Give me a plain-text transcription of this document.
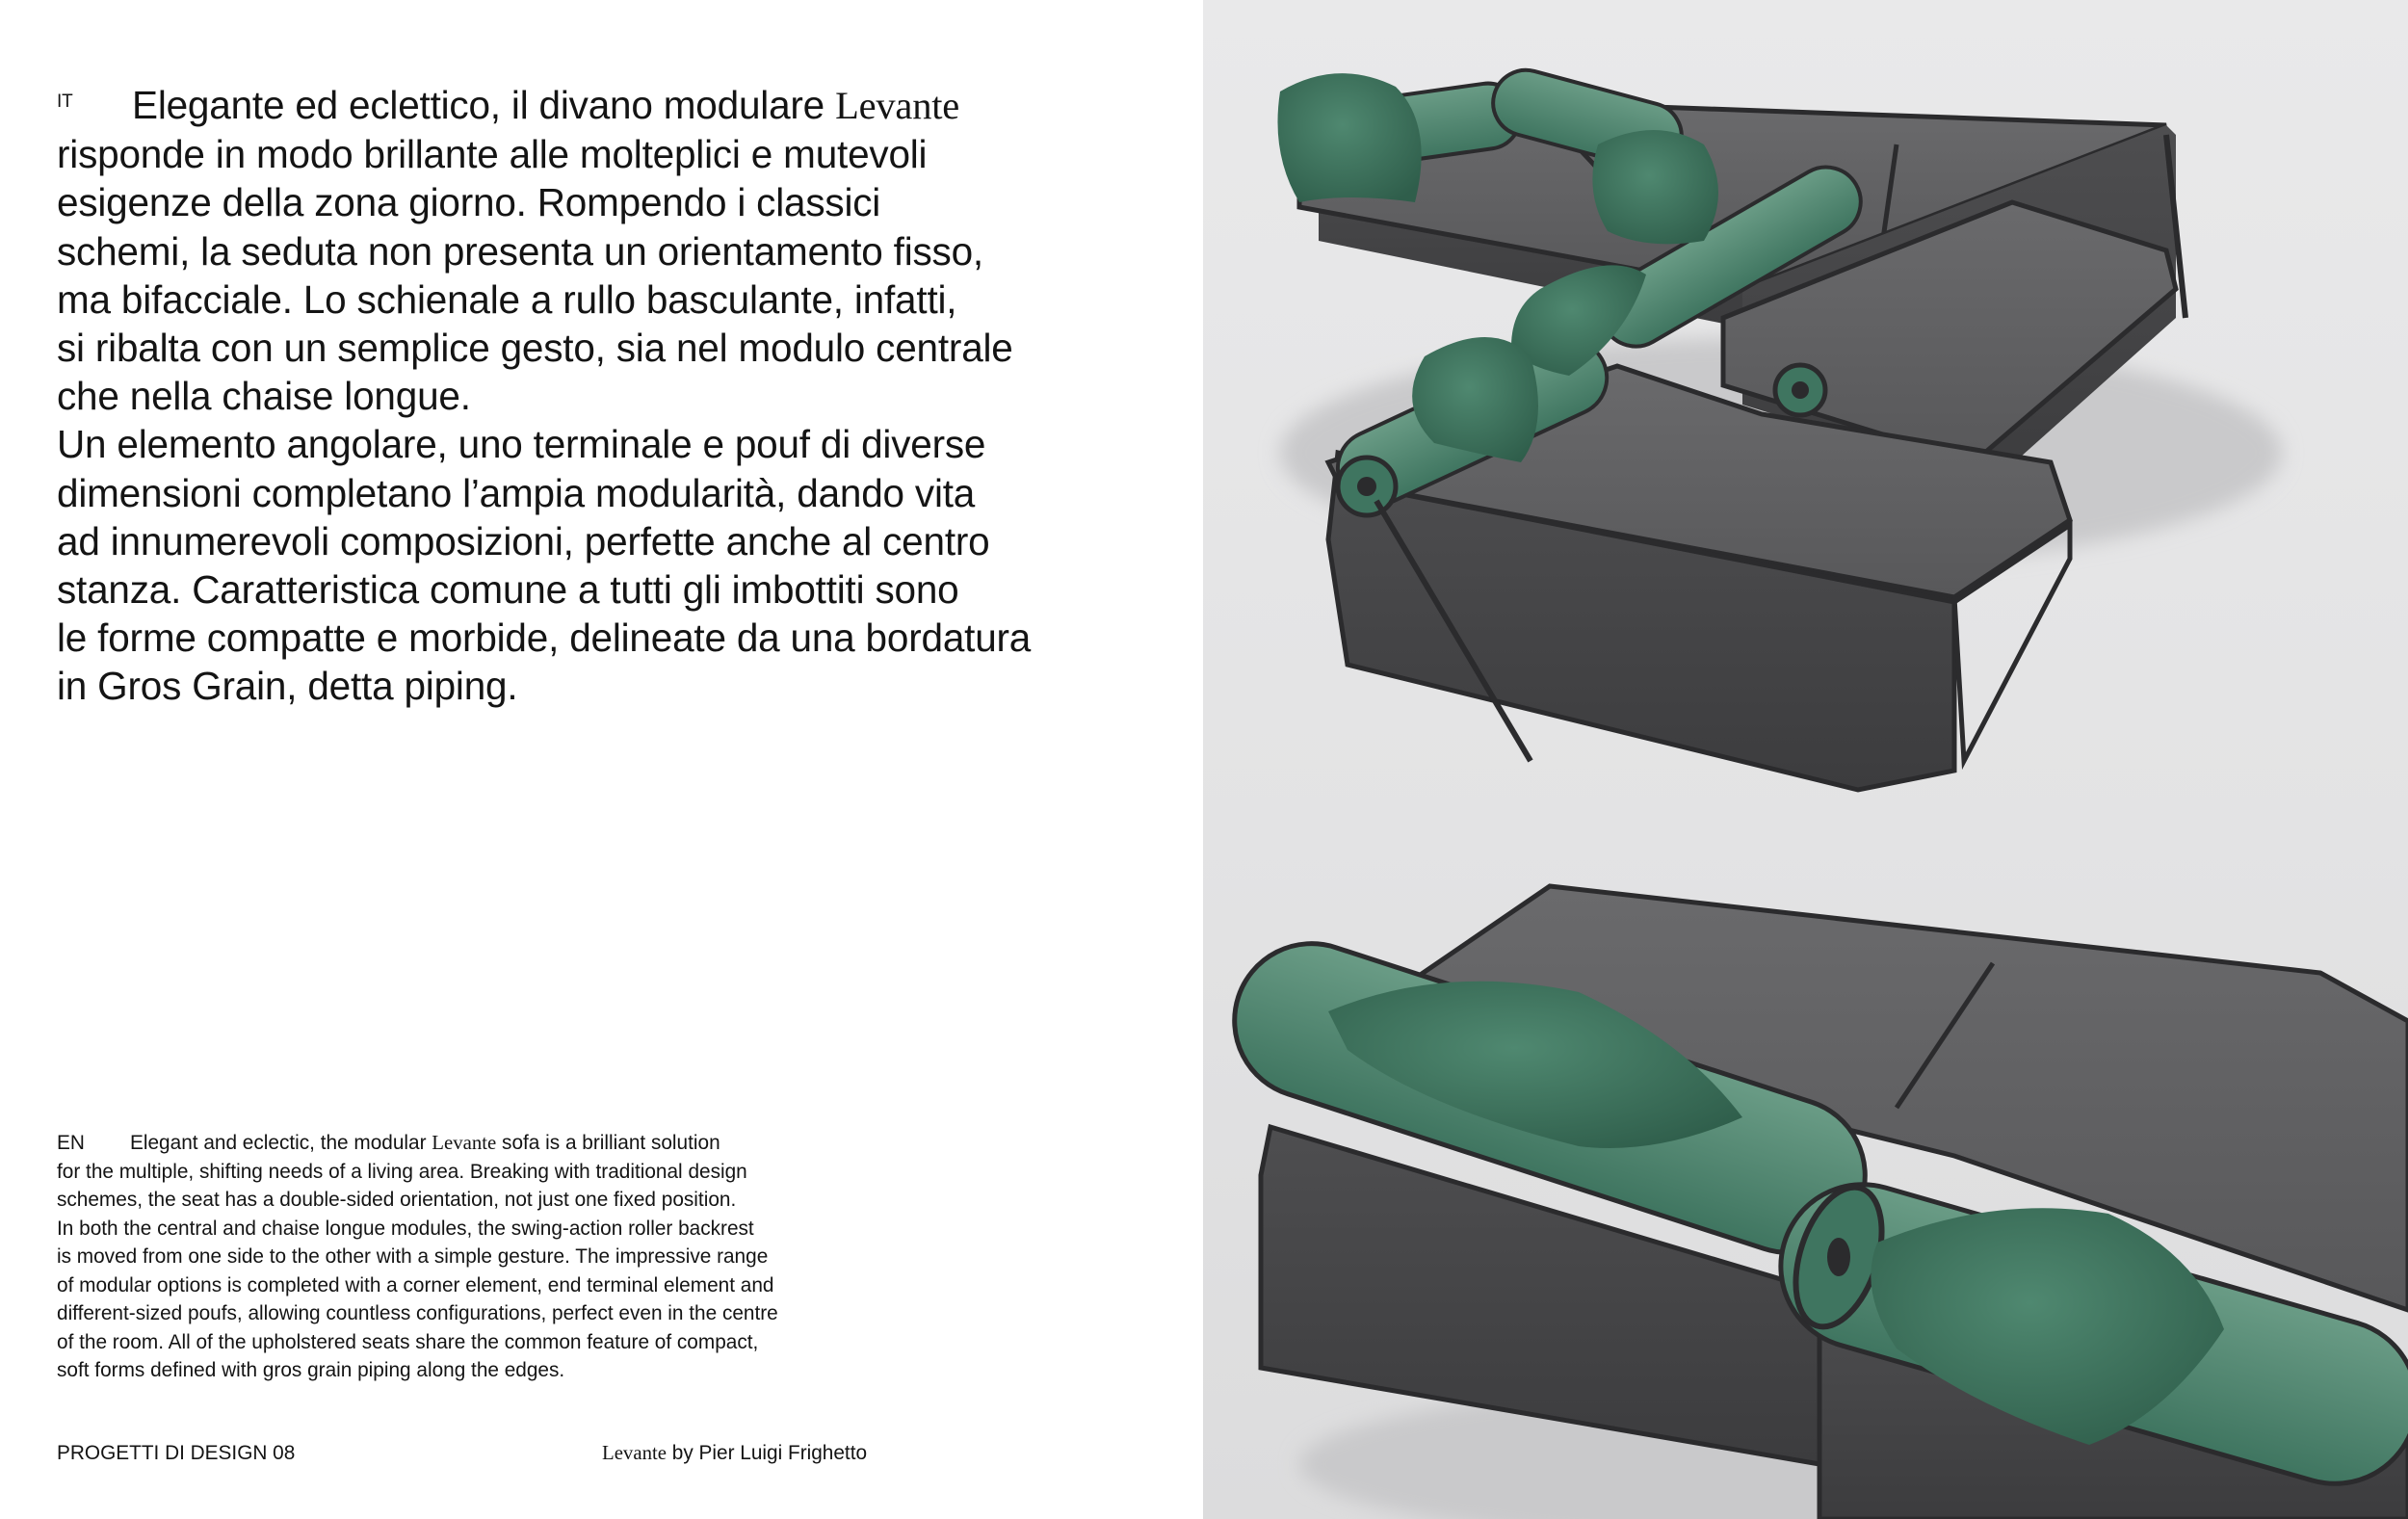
IT	Elegante ed eclettico, il divano modulare Levante
risponde in modo brillante alle molteplici e mutevoli
esigenze della zona giorno. Rompendo i classici
schemi, la seduta non presenta un orientamento fisso,
ma bifacciale. Lo schienale a rullo basculante, infatti,
si ribalta con un semplice gesto, sia nel modulo centrale
che nella chaise longue.

Un elemento angolare, uno terminale e pouf di diverse
dimensioni completano l’ampia modularità, dando vita
ad innumerevoli composizioni, perfette anche al centro
stanza. Caratteristica comune a tutti gli imbottiti sono
le forme compatte e morbide, delineate da una bordatura
in Gros Grain, detta piping.

EN	Elegant and eclectic, the modular Levante sofa is a brilliant solution
for the multiple, shifting needs of a living area. Breaking with traditional design
schemes, the seat has a double-sided orientation, not just one fixed position.
In both the central and chaise longue modules, the swing-action roller backrest
is moved from one side to the other with a simple gesture. The impressive range
of modular options is completed with a corner element, end terminal element and
different-sized poufs, allowing countless configurations, perfect even in the centre
of the room. All of the upholstered seats share the common feature of compact,
soft forms defined with gros grain piping along the edges.

PROGETTI DI DESIGN 08	Levante by Pier Luigi Frighetto
